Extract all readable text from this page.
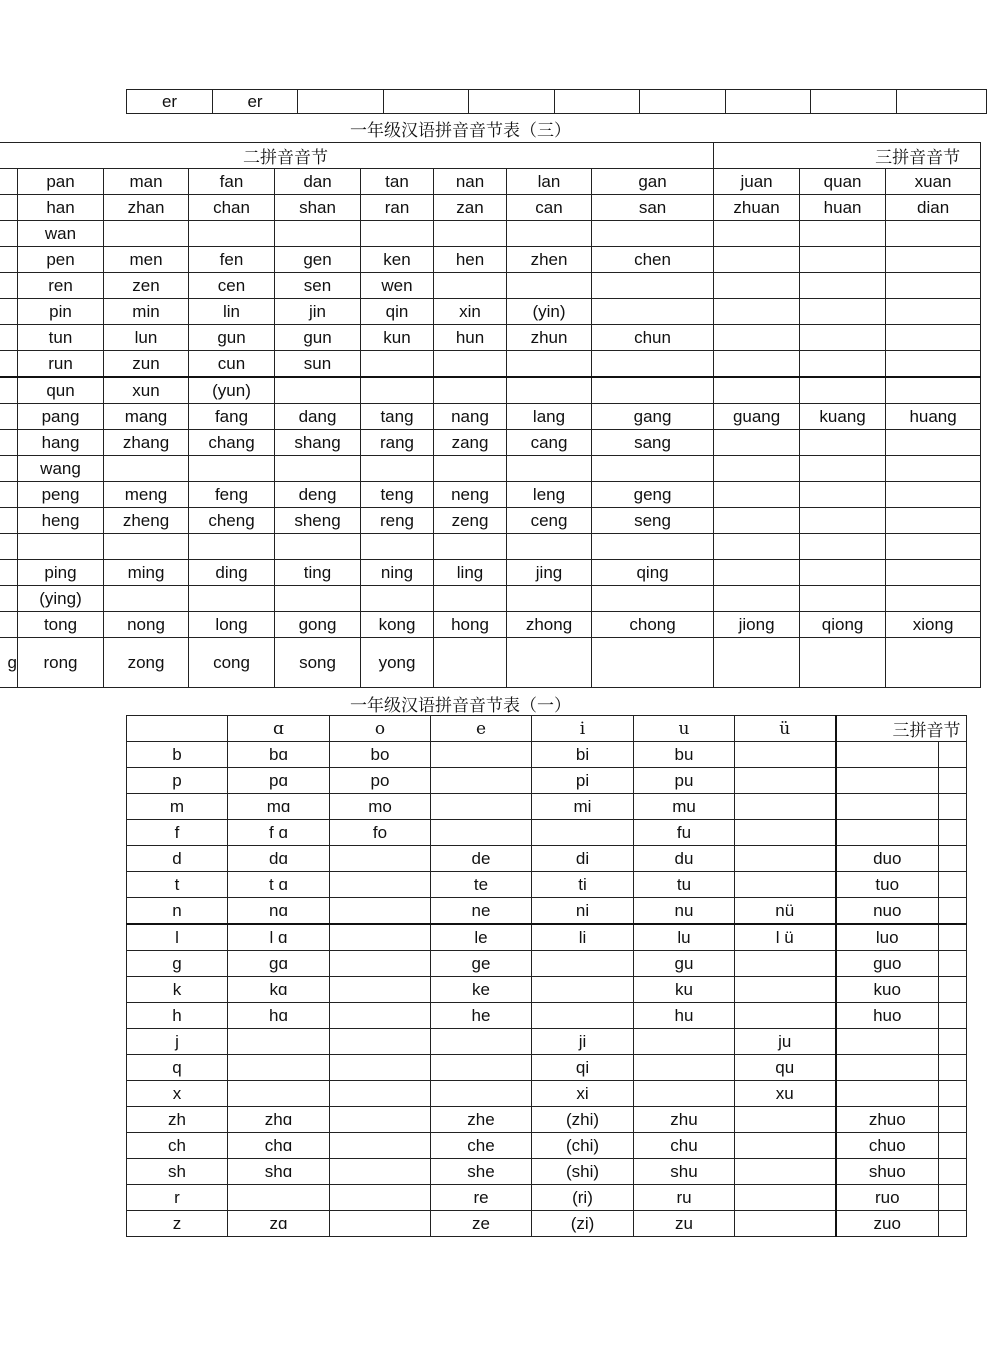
er	er								
一年级汉语拼音音节表（三）
二拼音音节									三拼音音节		
	pan	man	fan	dan	tan	nan	lan	gan	juan	quan	xuan
	han	zhan	chan	shan	ran	zan	can	san	zhuan	huan	dian
	wan										
	pen	men	fen	gen	ken	hen	zhen	chen			
	ren	zen	cen	sen	wen						
	pin	min	lin	jin	qin	xin	(yin)				
	tun	lun	gun	gun	kun	hun	zhun	chun			
	run	zun	cun	sun							
	qun	xun	(yun)								
	pang	mang	fang	dang	tang	nang	lang	gang	guang	kuang	huang
	hang	zhang	chang	shang	rang	zang	cang	sang			
	wang										
	peng	meng	feng	deng	teng	neng	leng	geng			
	heng	zheng	cheng	sheng	reng	zeng	ceng	seng			

	ping	ming	ding	ting	ning	ling	jing	qing			
	(ying)										
	tong	nong	long	gong	kong	hong	zhong	chong	jiong	qiong	xiong
g	rong	zong	cong	song	yong						
一年级汉语拼音音节表（一）
	ɑ	o	e	i	u	ü	三拼音节	
b	bɑ	bo		bi	bu			
p	pɑ	po		pi	pu			
m	mɑ	mo		mi	mu			
f	f ɑ	fo			fu			
d	dɑ		de	di	du		duo	
t	t ɑ		te	ti	tu		tuo	
n	nɑ		ne	ni	nu	nü	nuo	
l	l ɑ		le	li	lu	l ü	luo	
g	gɑ		ge		gu		guo	
k	kɑ		ke		ku		kuo	
h	hɑ		he		hu		huo	
j				ji		ju		
q				qi		qu		
x				xi		xu		
zh	zhɑ		zhe	(zhi)	zhu		zhuo	
ch	chɑ		che	(chi)	chu		chuo	
sh	shɑ		she	(shi)	shu		shuo	
r			re	(ri)	ru		ruo	
z	zɑ		ze	(zi)	zu		zuo	
